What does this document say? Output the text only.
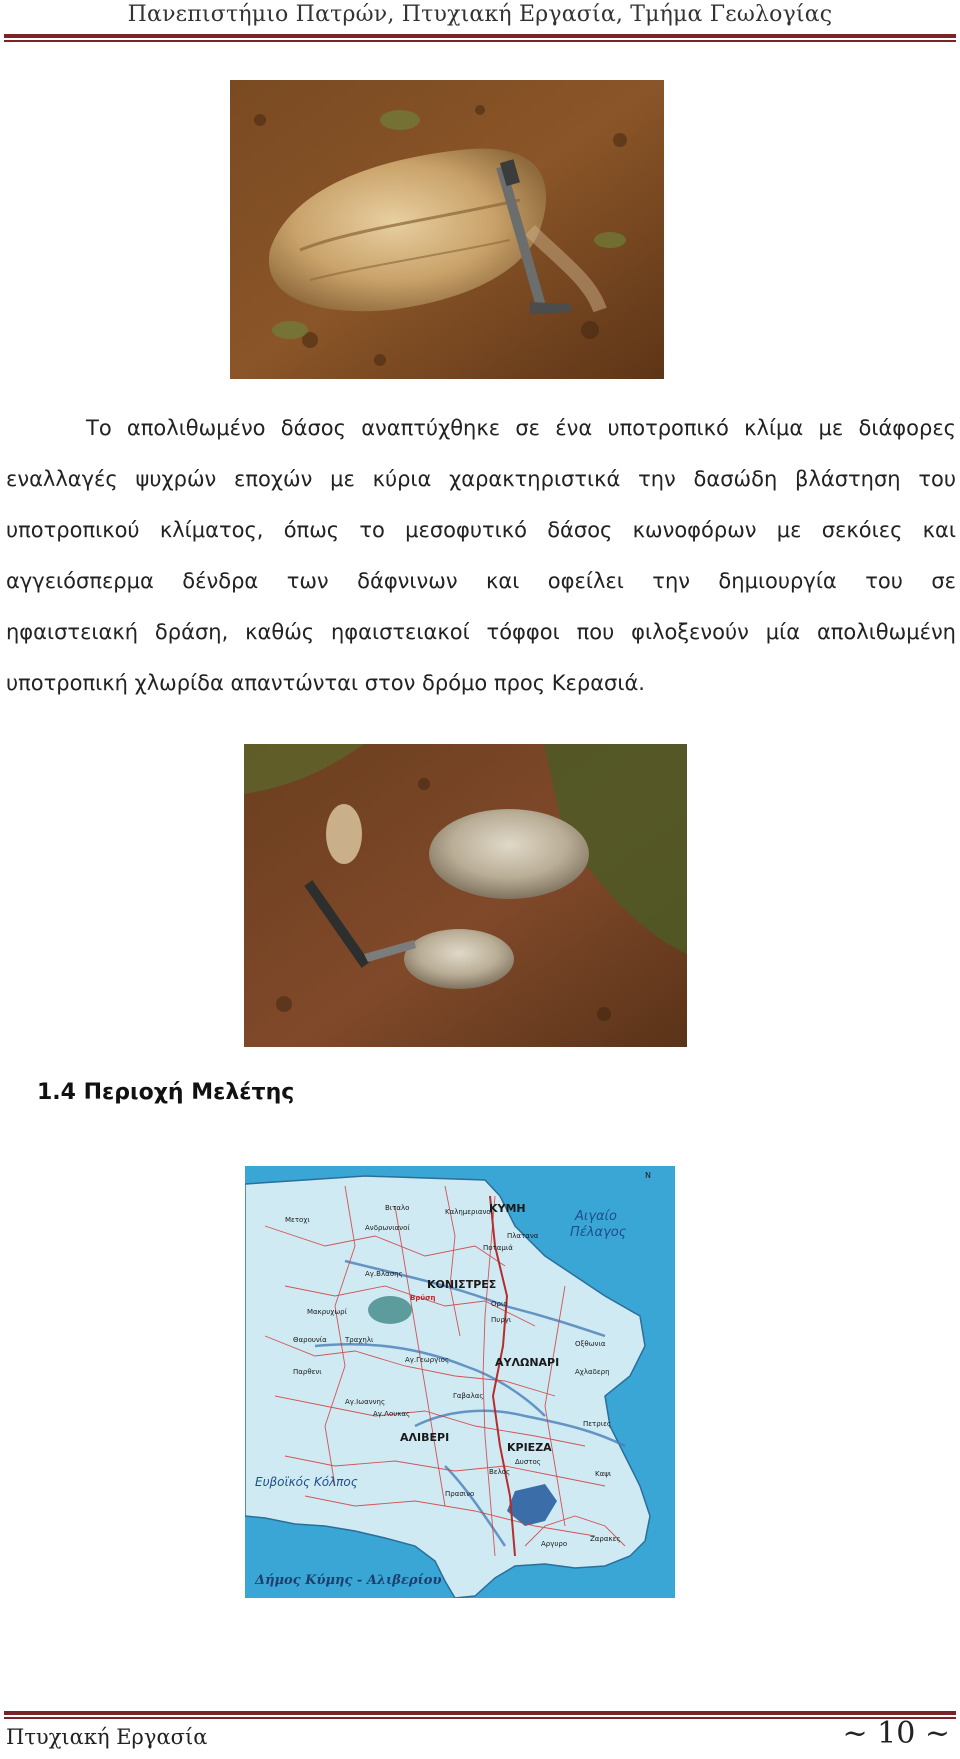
Πανεπιστήμιο Πατρών, Πτυχιακή Εργασία, Τμήμα Γεωλογίας
Το απολιθωμένο δάσος αναπτύχθηκε σε ένα υποτροπικό κλίμα με διάφορες
εναλλαγές ψυχρών εποχών με κύρια χαρακτηριστικά την δασώδη βλάστηση του
υποτροπικού κλίματος, όπως το μεσοφυτικό δάσος κωνοφόρων με σεκόιες και
αγγειόσπερμα δένδρα των δάφνινων και οφείλει την δημιουργία του σε
ηφαιστειακή δράση, καθώς ηφαιστειακοί τόφφοι που φιλοξενούν μία απολιθωμένη
υποτροπική χλωρίδα απαντώνται στον δρόμο προς Κερασιά.
1.4 Περιοχή Μελέτης
N
Αιγαίο
Πέλαγος
Ευβοϊκός Κόλπος
ΚΥΜΗ
ΚΟΝΙΣΤΡΕΣ
ΑΥΛΩΝΑΡΙ
ΑΛΙΒΕΡΙ
ΚΡΙΕΖΑ
Μετοχι
Βιταλο	Καλημεριανοί
Ανδρωνιανοί
Πλατανα
Ποταμιά
Αγ.Βλασης
Βρύση
Μακρυχωρί
Οριο
Πυργι
Θαρουνία	Τραχηλι
Αγ.Γεωργιος
Παρθενι
Οξθωνια
Αχλαδερη
Αγ.Ιωαννης
Αγ.Λουκας
Γαβαλας
Πετριες
Δυστος
Βελος
Πρασινο
Αργυρο
Ζαρακες
Καψι
Δήμος Κύμης - Αλιβερίου
Πτυχιακή Εργασία	~ 10 ~
